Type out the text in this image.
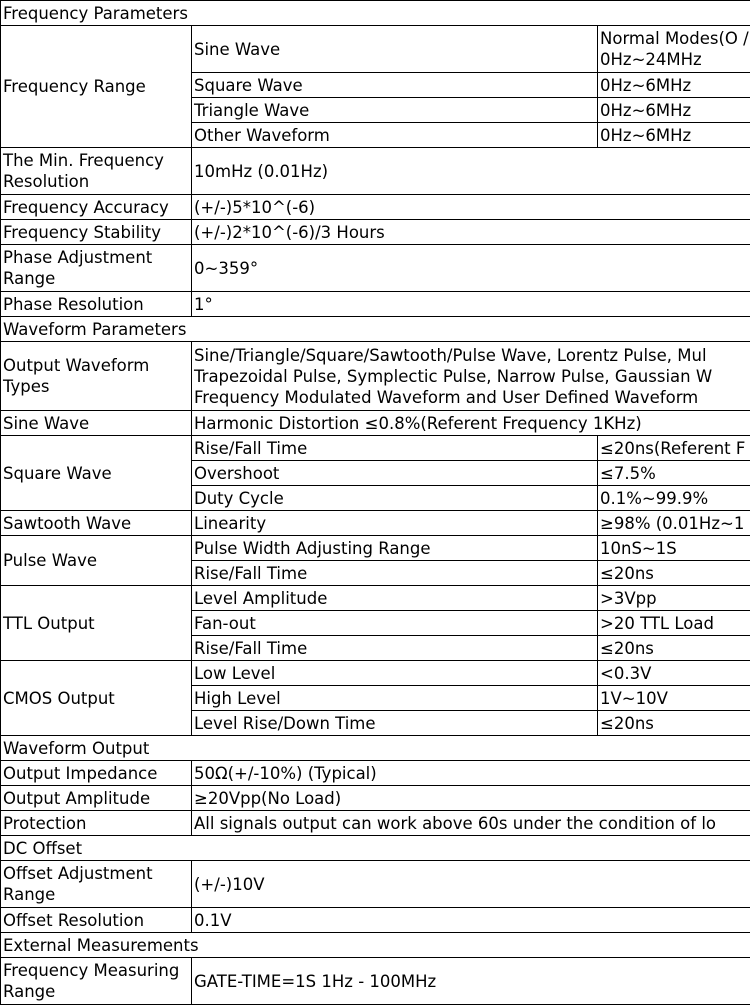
Frequency Parameters		
Frequency Range	Sine Wave	Normal Modes(O / 0Hz~24MHz
	Square Wave	0Hz~6MHz
	Triangle Wave	0Hz~6MHz
	Other Waveform	0Hz~6MHz
The Min. Frequency Resolution	10mHz (0.01Hz)	
Frequency Accuracy	(+/-)5*10^(-6)	
Frequency Stability	(+/-)2*10^(-6)/3 Hours	
Phase Adjustment Range	0~359°	
Phase Resolution	1°	
Waveform Parameters		
Output Waveform Types	Sine/Triangle/Square/Sawtooth/Pulse Wave, Lorentz Pulse, Mul Trapezoidal Pulse, Symplectic Pulse, Narrow Pulse, Gaussian W Frequency Modulated Waveform and User Defined Waveform	

Sine Wave	Harmonic Distortion ≤0.8%(Referent Frequency 1KHz)	
Square Wave	Rise/Fall Time	≤20ns(Referent F
	Overshoot	≤7.5%
	Duty Cycle	0.1%~99.9%
Sawtooth Wave	Linearity	≥98% (0.01Hz~1
Pulse Wave	Pulse Width Adjusting Range	10nS~1S
	Rise/Fall Time	≤20ns
TTL Output	Level Amplitude	>3Vpp
	Fan-out	>20 TTL Load
	Rise/Fall Time	≤20ns
CMOS Output	Low Level	<0.3V
	High Level	1V~10V
	Level Rise/Down Time	≤20ns
Waveform Output		
Output Impedance	50Ω(+/-10%) (Typical)	
Output Amplitude	≥20Vpp(No Load)	
Protection	All signals output can work above 60s under the condition of lo	
DC Offset		
Offset Adjustment Range	(+/-)10V	
Offset Resolution	0.1V	
External Measurements		
Frequency Measuring Range	GATE-TIME=1S 1Hz - 100MHz	
